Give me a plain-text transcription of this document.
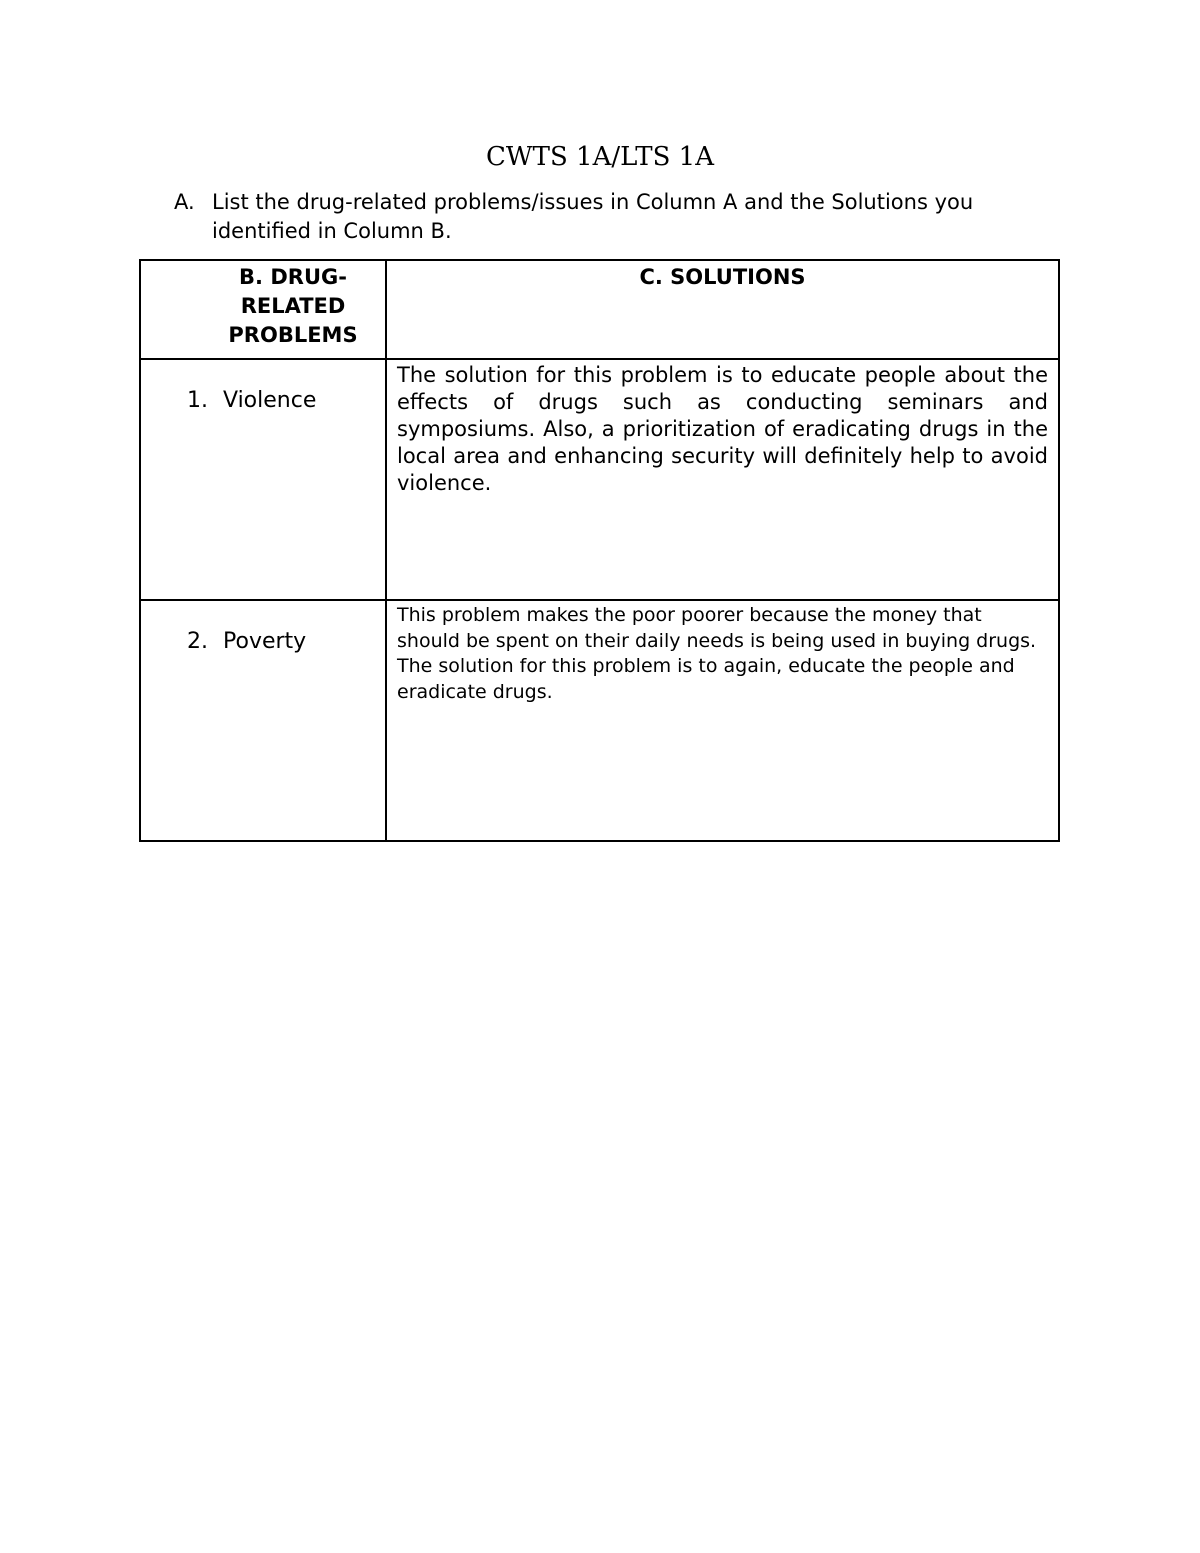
CWTS 1A/LTS 1A
A. List the drug-related problems/issues in Column A and the Solutions you identified in Column B.
B. DRUG-RELATED PROBLEMS	C. SOLUTIONS

1. Violence	The solution for this problem is to educate people about the effects of drugs such as conducting seminars and symposiums. Also, a prioritization of eradicating drugs in the local area and enhancing security will definitely help to avoid violence.

2. Poverty	This problem makes the poor poorer because the money that should be spent on their daily needs is being used in buying drugs. The solution for this problem is to again, educate the people and eradicate drugs.
